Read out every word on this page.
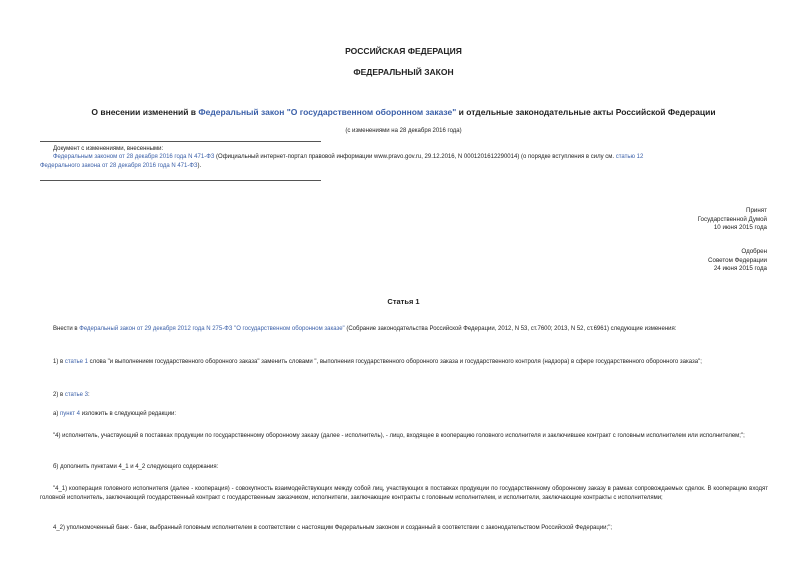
РОССИЙСКАЯ ФЕДЕРАЦИЯ
ФЕДЕРАЛЬНЫЙ ЗАКОН
О внесении изменений в Федеральный закон "О государственном оборонном заказе" и отдельные законодательные акты Российской Федерации
(с изменениями на 28 декабря 2016 года)
Документ с изменениями, внесенными:
Федеральным законом от 28 декабря 2016 года N 471-ФЗ (Официальный интернет-портал правовой информации www.pravo.gov.ru, 29.12.2016, N 0001201612290014) (о порядке вступления в силу см. статью 12
Федерального закона от 28 декабря 2016 года N 471-ФЗ).
Принят
Государственной Думой
10 июня 2015 года
Одобрен
Советом Федерации
24 июня 2015 года
Статья 1
Внести в Федеральный закон от 29 декабря 2012 года N 275-ФЗ "О государственном оборонном заказе" (Собрание законодательства Российской Федерации, 2012, N 53, ст.7600; 2013, N 52, ст.6961) следующие изменения:
1) в статье 1 слова "и выполнением государственного оборонного заказа" заменить словами ", выполнения государственного оборонного заказа и государственного контроля (надзора) в сфере государственного оборонного заказа";
2) в статье 3:
а) пункт 4 изложить в следующей редакции:
"4) исполнитель, участвующий в поставках продукции по государственному оборонному заказу (далее - исполнитель), - лицо, входящее в кооперацию головного исполнителя и заключившее контракт с головным исполнителем или исполнителем;";
б) дополнить пунктами 4_1 и 4_2 следующего содержания:
"4_1) кооперация головного исполнителя (далее - кооперация) - совокупность взаимодействующих между собой лиц, участвующих в поставках продукции по государственному оборонному заказу в рамках сопровождаемых сделок. В кооперацию входят головной исполнитель, заключающий государственный контракт с государственным заказчиком, исполнители, заключающие контракты с головным исполнителем, и исполнители, заключающие контракты с исполнителями;
4_2) уполномоченный банк - банк, выбранный головным исполнителем в соответствии с настоящим Федеральным законом и созданный в соответствии с законодательством Российской Федерации;";
